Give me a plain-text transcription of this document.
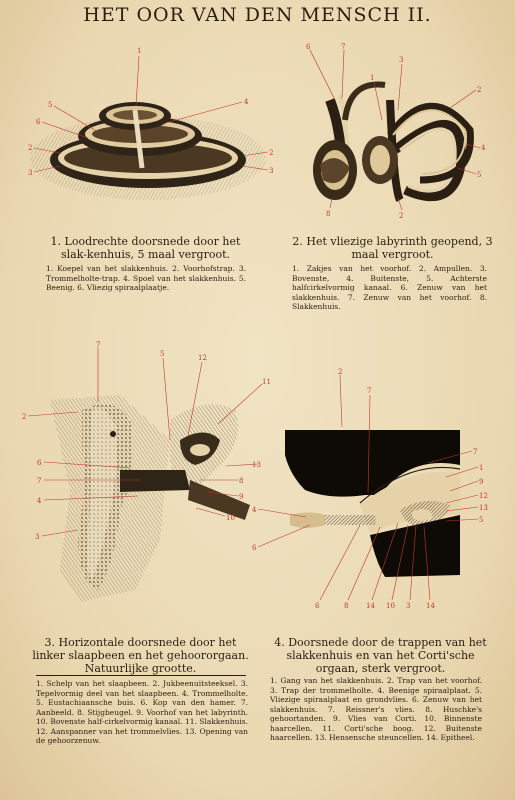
HET OOR VAN DEN MENSCH II.
1
5
6
4
2
3
2
3
1. Loodrechte doorsnede door het slak-kenhuis, 5 maal vergroot.
1. Koepel van het slakkenhuis. 2. Voorhofstrap. 3. Trommelholte-trap. 4. Spoel van het slakkenhuis. 5. Beenig. 6. Vliezig spiraalplaatje.
6	7
1
3
2
4
5
8	2
2. Het vliezige labyrinth geopend, 3 maal vergroot.
1. Zakjes van het voorhof. 2. Ampullen. 3. Bovenste, 4. Buitenste, 5. Achterste halfcirkelvormig kanaal. 6. Zenuw van het slakkenhuis. 7. Zenuw van het voorhof. 8. Slakkenhuis.
7
5	12
11
2
6
7
4
13
8
9
10
3
3. Horizontale doorsnede door het linker slaapbeen en het gehoororgaan. Natuurlijke grootte.
1. Schelp van het slaapbeen. 2. Jukbeenuitsteeksel. 3. Tepelvormig deel van het slaapbeen. 4. Trommelholte. 5. Eustachiaansche buis. 6. Kop van den hamer. 7. Aanbeeld. 8. Stijgbeugel. 9. Voorhof van het labyrinth. 10. Bovenste half-cirkelvormig kanaal. 11. Slakkenhuis. 12. Aanspanner van het trommelvlies. 13. Opening van de gehoorzenuw.
2
7
7
1
9
12
13
5
4
6
6	8	14 10 3 14
4. Doorsnede door de trappen van het slakkenhuis en van het Corti'sche orgaan, sterk vergroot.
1. Gang van het slakkenhuis. 2. Trap van het voorhof. 3. Trap der trommelholte. 4. Beenige spiraalplaat. 5. Vliezige spiraalplaat en grondvlies. 6. Zenuw van het slakkenhuis. 7. Reissner's vlies. 8. Huschke's gehoortanden. 9. Vlies van Corti. 10. Binnenste haarcellen. 11. Corti'sche boog. 12. Buitenste haarcellen. 13. Hensensche steuncellen. 14. Epitheel.
